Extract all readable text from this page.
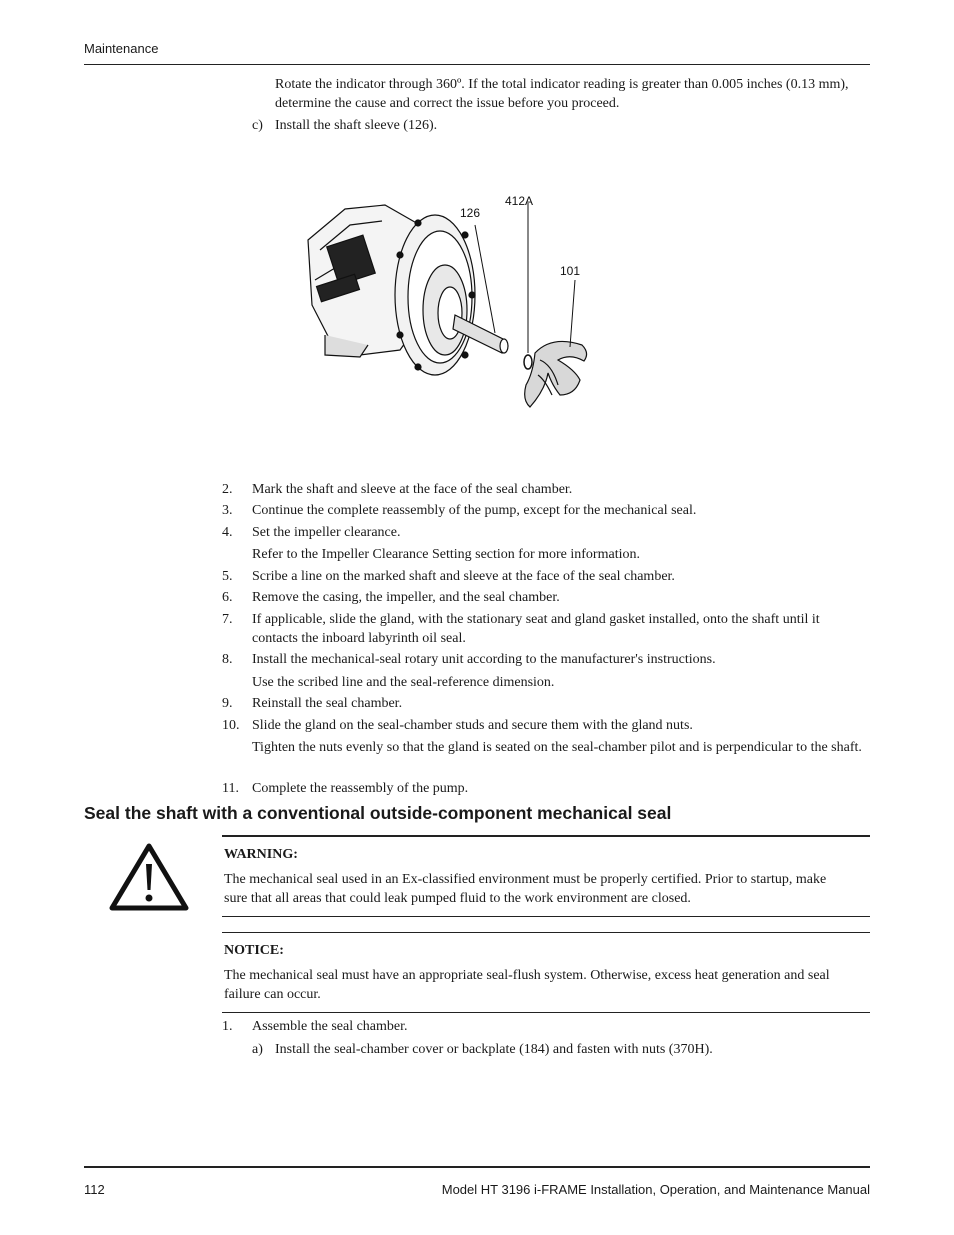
Maintenance
Rotate the indicator through 360º. If the total indicator reading is greater than 0.005 inches (0.13 mm), determine the cause and correct the issue before you proceed.
c) Install the shaft sleeve (126).
126
412A
101
2.	Mark the shaft and sleeve at the face of the seal chamber.
3.	Continue the complete reassembly of the pump, except for the mechanical seal.
4.	Set the impeller clearance.
Refer to the Impeller Clearance Setting section for more information.
5.	Scribe a line on the marked shaft and sleeve at the face of the seal chamber.
6.	Remove the casing, the impeller, and the seal chamber.
7.	If applicable, slide the gland, with the stationary seat and gland gasket installed, onto the shaft until it contacts the inboard labyrinth oil seal.
8.	Install the mechanical-seal rotary unit according to the manufacturer's instructions.
Use the scribed line and the seal-reference dimension.
9.	Reinstall the seal chamber.
10. Slide the gland on the seal-chamber studs and secure them with the gland nuts.
Tighten the nuts evenly so that the gland is seated on the seal-chamber pilot and is perpendicular to the shaft.
11. Complete the reassembly of the pump.
Seal the shaft with a conventional outside-component mechanical seal
WARNING:
The mechanical seal used in an Ex-classified environment must be properly certified. Prior to startup, make sure that all areas that could leak pumped fluid to the work environment are closed.
NOTICE:
The mechanical seal must have an appropriate seal-flush system. Otherwise, excess heat generation and seal failure can occur.
1. Assemble the seal chamber.
a) Install the seal-chamber cover or backplate (184) and fasten with nuts (370H).
112	Model HT 3196 i-FRAME Installation, Operation, and Maintenance Manual
